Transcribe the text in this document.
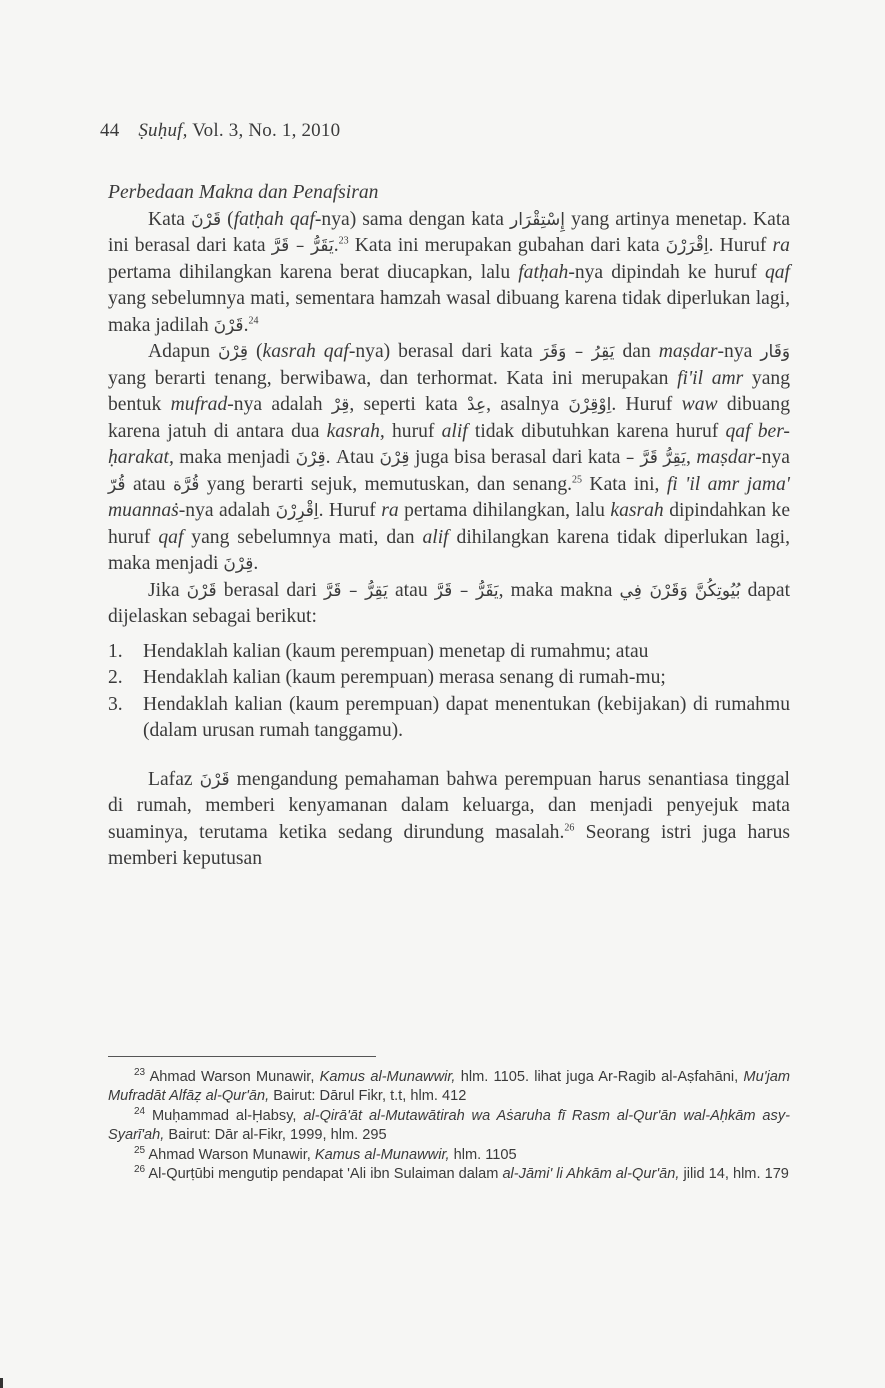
44 Ṣuḥuf, Vol. 3, No. 1, 2010

Perbedaan Makna dan Penafsiran

Kata قَرْنَ (fatḥah qaf-nya) sama dengan kata إِسْتِقْرَار yang artinya menetap. Kata ini berasal dari kata يَقَرُّ – قَرَّ.$^{23}$ Kata ini merupakan gubahan dari kata اِقْرَرْنَ. Huruf ra pertama dihilangkan karena berat diucapkan, lalu fatḥah-nya dipindah ke huruf qaf yang sebelumnya mati, sementara hamzah wasal dibuang karena tidak diperlukan lagi, maka jadilah قَرْنَ.$^{24}$

Adapun قِرْنَ (kasrah qaf-nya) berasal dari kata يَقِرُ – وَقَرَ dan maṣdar-nya وَقَار yang berarti tenang, berwibawa, dan terhormat. Kata ini merupakan fi'il amr yang bentuk mufrad-nya adalah قِرْ, seperti kata عِدْ, asalnya اِوْقِرْنَ. Huruf waw dibuang karena jatuh di antara dua kasrah, huruf alif tidak dibutuhkan karena huruf qaf ber-ḥarakat, maka menjadi قِرْنَ. Atau قِرْنَ juga bisa berasal dari kata قَرَّ – يَقِرُّ, maṣdar-nya قُرّ atau قُرَّة yang berarti sejuk, memutuskan, dan senang.$^{25}$ Kata ini, fi 'il amr jama' muannaṡ-nya adalah اِقْرِرْنَ. Huruf ra pertama dihilangkan, lalu kasrah dipindahkan ke huruf qaf yang sebelumnya mati, dan alif dihilangkan karena tidak diperlukan lagi, maka menjadi قِرْنَ.

Jika قَرْنَ berasal dari يَقِرُّ – قَرَّ atau يَقَرُّ – قَرَّ, maka makna وَقَرْنَ فِي بُيُوتِكُنَّ dapat dijelaskan sebagai berikut:

1. Hendaklah kalian (kaum perempuan) menetap di rumahmu; atau
2. Hendaklah kalian (kaum perempuan) merasa senang di rumah-mu;
3. Hendaklah kalian (kaum perempuan) dapat menentukan (kebijakan) di rumahmu (dalam urusan rumah tanggamu).

Lafaz قَرْنَ mengandung pemahaman bahwa perempuan harus senantiasa tinggal di rumah, memberi kenyamanan dalam keluarga, dan menjadi penyejuk mata suaminya, terutama ketika sedang dirundung masalah.$^{26}$ Seorang istri juga harus memberi keputusan

$^{23}$ Ahmad Warson Munawir, Kamus al-Munawwir, hlm. 1105. lihat juga Ar-Ragib al-Aṣfahāni, Mu'jam Mufradāt Alfāẓ al-Qur'ān, Bairut: Dārul Fikr, t.t, hlm. 412

$^{24}$ Muḥammad al-Ḥabsy, al-Qirā'āt al-Mutawātirah wa Aṡaruha fī Rasm al-Qur'ān wal-Aḥkām asy-Syarī'ah, Bairut: Dār al-Fikr, 1999, hlm. 295

$^{25}$ Ahmad Warson Munawir, Kamus al-Munawwir, hlm. 1105

$^{26}$ Al-Qurṭūbi mengutip pendapat 'Ali ibn Sulaiman dalam al-Jāmi' li Ahkām al-Qur'ān, jilid 14, hlm. 179
